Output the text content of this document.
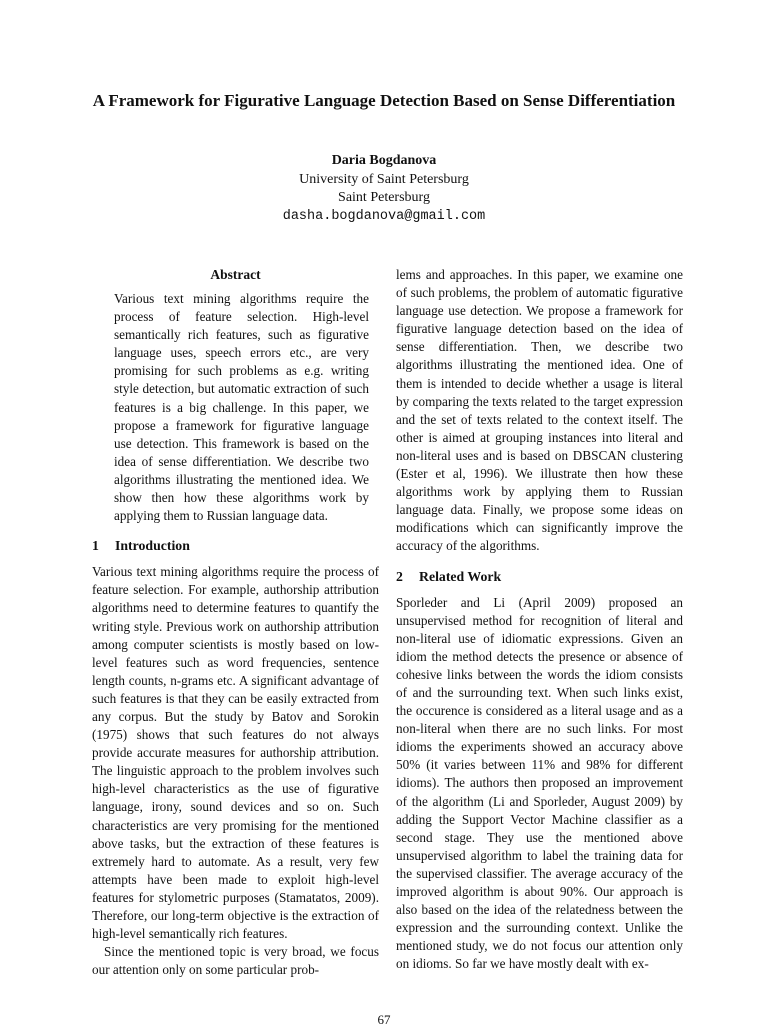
A Framework for Figurative Language Detection Based on Sense Differentiation
Daria Bogdanova
University of Saint Petersburg
Saint Petersburg
dasha.bogdanova@gmail.com
Abstract

Various text mining algorithms require the process of feature selection. High-level semantically rich features, such as figurative language uses, speech errors etc., are very promising for such problems as e.g. writing style detection, but automatic extraction of such features is a big challenge. In this paper, we propose a framework for figurative language use detection. This framework is based on the idea of sense differentiation. We describe two algorithms illustrating the mentioned idea. We show then how these algorithms work by applying them to Russian language data.

1 Introduction

Various text mining algorithms require the process of feature selection. For example, authorship attribution algorithms need to determine features to quantify the writing style. Previous work on authorship attribution among computer scientists is mostly based on low-level features such as word frequencies, sentence length counts, n-grams etc. A significant advantage of such features is that they can be easily extracted from any corpus. But the study by Batov and Sorokin (1975) shows that such features do not always provide accurate measures for authorship attribution. The linguistic approach to the problem involves such high-level characteristics as the use of figurative language, irony, sound devices and so on. Such characteristics are very promising for the mentioned above tasks, but the extraction of these features is extremely hard to automate. As a result, very few attempts have been made to exploit high-level features for stylometric purposes (Stamatatos, 2009). Therefore, our long-term objective is the extraction of high-level semantically rich features.

Since the mentioned topic is very broad, we focus our attention only on some particular prob-

lems and approaches. In this paper, we examine one of such problems, the problem of automatic figurative language use detection. We propose a framework for figurative language detection based on the idea of sense differentiation. Then, we describe two algorithms illustrating the mentioned idea. One of them is intended to decide whether a usage is literal by comparing the texts related to the target expression and the set of texts related to the context itself. The other is aimed at grouping instances into literal and non-literal uses and is based on DBSCAN clustering (Ester et al, 1996). We illustrate then how these algorithms work by applying them to Russian language data. Finally, we propose some ideas on modifications which can significantly improve the accuracy of the algorithms.

2 Related Work

Sporleder and Li (April 2009) proposed an unsupervised method for recognition of literal and non-literal use of idiomatic expressions. Given an idiom the method detects the presence or absence of cohesive links between the words the idiom consists of and the surrounding text. When such links exist, the occurence is considered as a literal usage and as a non-literal when there are no such links. For most idioms the experiments showed an accuracy above 50% (it varies between 11% and 98% for different idioms). The authors then proposed an improvement of the algorithm (Li and Sporleder, August 2009) by adding the Support Vector Machine classifier as a second stage. They use the mentioned above unsupervised algorithm to label the training data for the supervised classifier. The average accuracy of the improved algorithm is about 90%. Our approach is also based on the idea of the relatedness between the expression and the surrounding context. Unlike the mentioned study, we do not focus our attention only on idioms. So far we have mostly dealt with ex-

67
